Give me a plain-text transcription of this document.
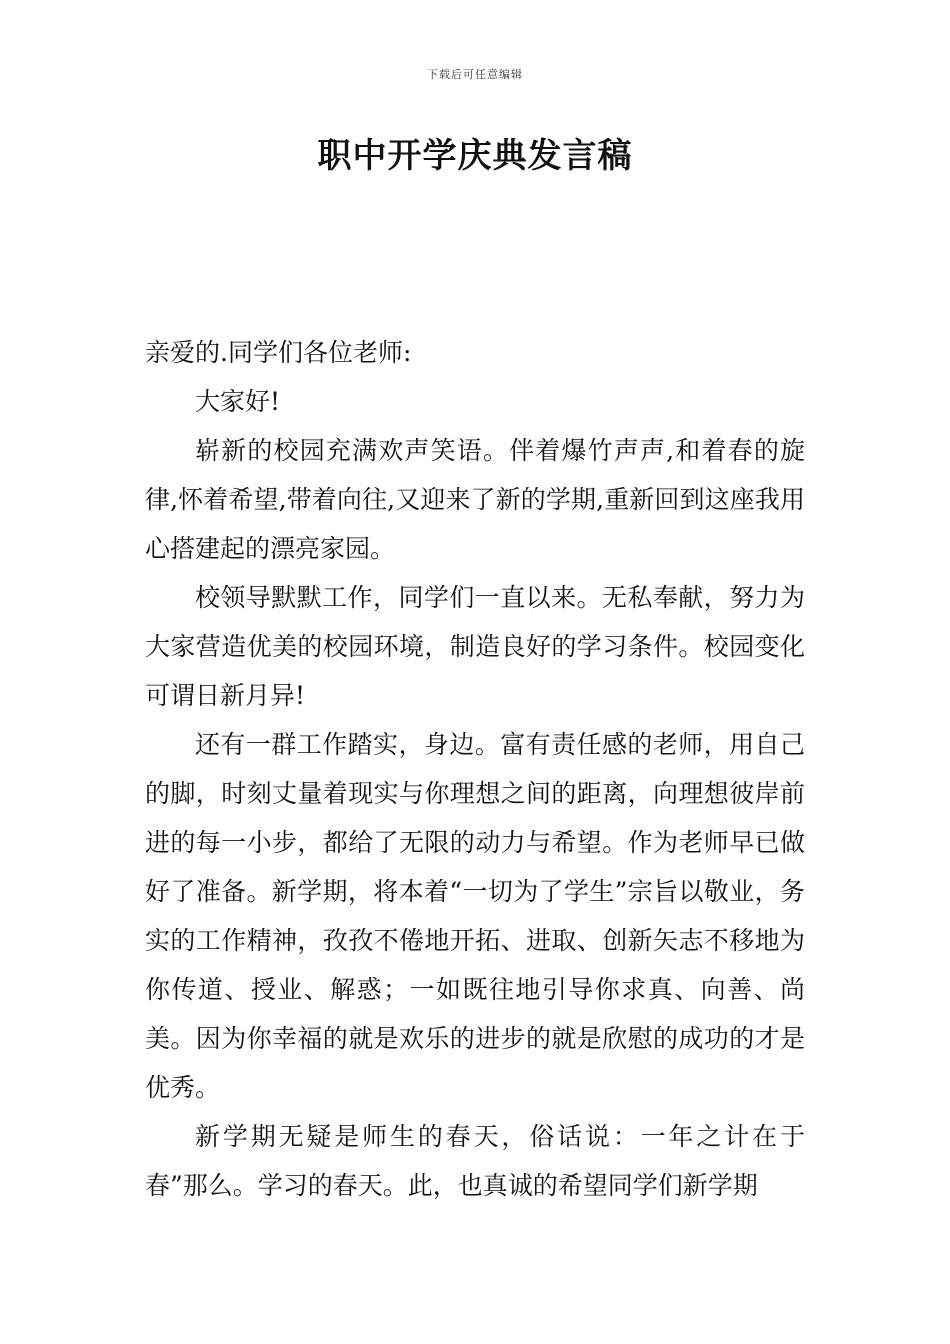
下载后可任意编辑
职中开学庆典发言稿

亲爱的.同学们各位老师:

大家好!

崭新的校园充满欢声笑语。伴着爆竹声声,和着春的旋律,怀着希望,带着向往,又迎来了新的学期,重新回到这座我用心搭建起的漂亮家园。

校领导默默工作，同学们一直以来。无私奉献，努力为大家营造优美的校园环境，制造良好的学习条件。校园变化可谓日新月异!

还有一群工作踏实，身边。富有责任感的老师，用自己的脚，时刻丈量着现实与你理想之间的距离，向理想彼岸前进的每一小步，都给了无限的动力与希望。作为老师早已做好了准备。新学期，将本着“一切为了学生”宗旨以敬业，务实的工作精神，孜孜不倦地开拓、进取、创新矢志不移地为你传道、授业、解惑；一如既往地引导你求真、向善、尚美。因为你幸福的就是欢乐的进步的就是欣慰的成功的才是优秀。

新学期无疑是师生的春天，俗话说：一年之计在于春”那么。学习的春天。此，也真诚的希望同学们新学期
